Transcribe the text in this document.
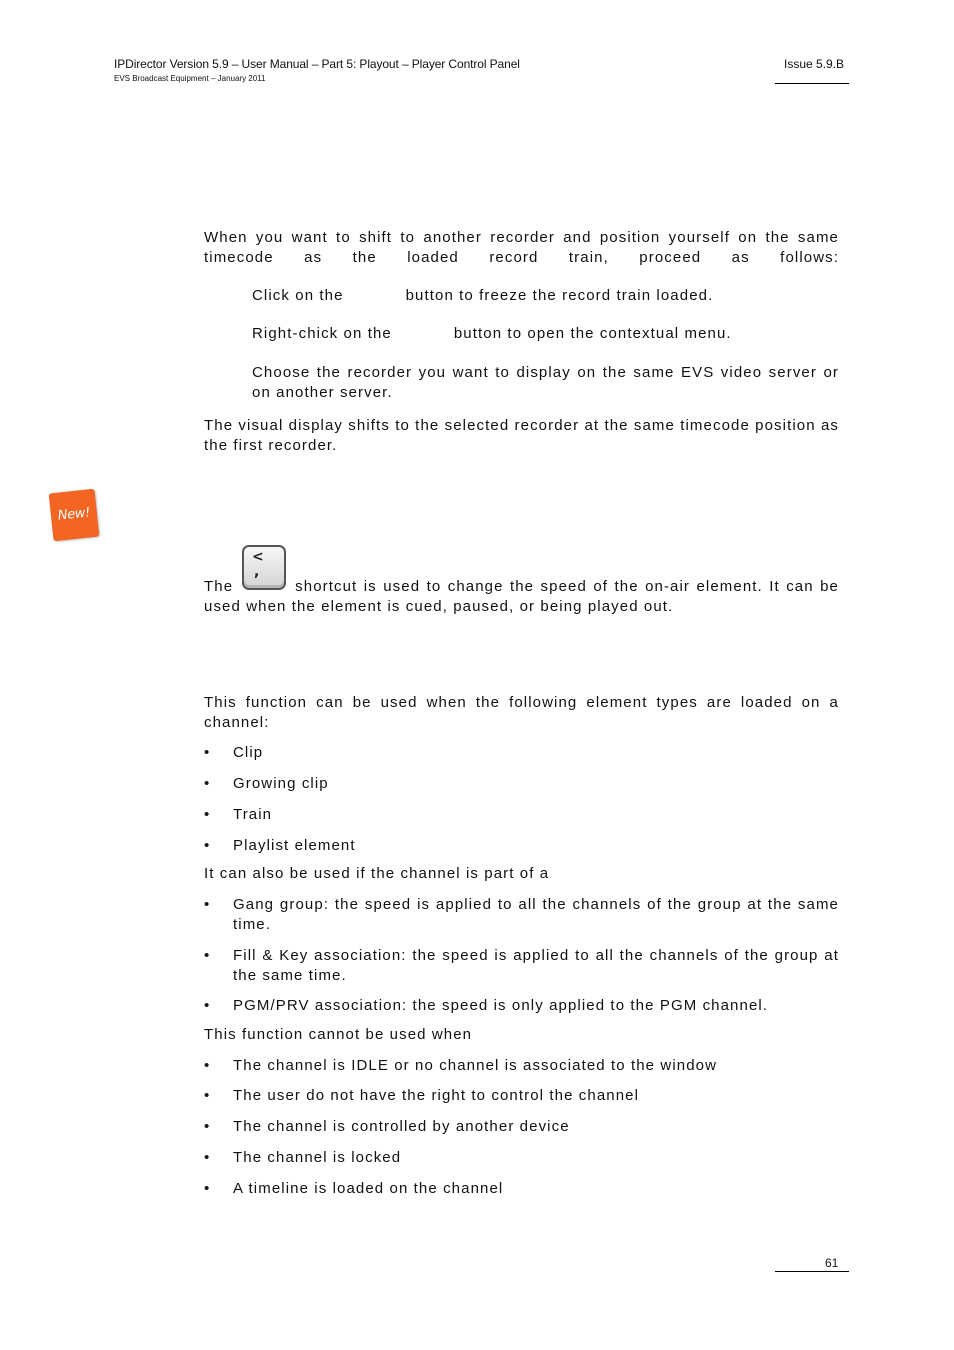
IPDirector Version 5.9 – User Manual – Part 5: Playout – Player Control Panel
EVS Broadcast Equipment – January 2011
Issue 5.9.B
When you want to shift to another recorder and position yourself on the same timecode as the loaded record train, proceed as follows:
Click on the	button to freeze the record train loaded.
Right-chick on the	button to open the contextual menu.
Choose the recorder you want to display on the same EVS video server or on another server.
The visual display shifts to the selected recorder at the same timecode position as the first recorder.
New!
<
,
The	shortcut is used to change the speed of the on-air element. It can be used when the element is cued, paused, or being played out.
This function can be used when the following element types are loaded on a channel:
• Clip
• Growing clip
• Train
• Playlist element
It can also be used if the channel is part of a
• Gang group: the speed is applied to all the channels of the group at the same time.
• Fill & Key association: the speed is applied to all the channels of the group at the same time.
• PGM/PRV association: the speed is only applied to the PGM channel.
This function cannot be used when
• The channel is IDLE or no channel is associated to the window
• The user do not have the right to control the channel
• The channel is controlled by another device
• The channel is locked
• A timeline is loaded on the channel
61
